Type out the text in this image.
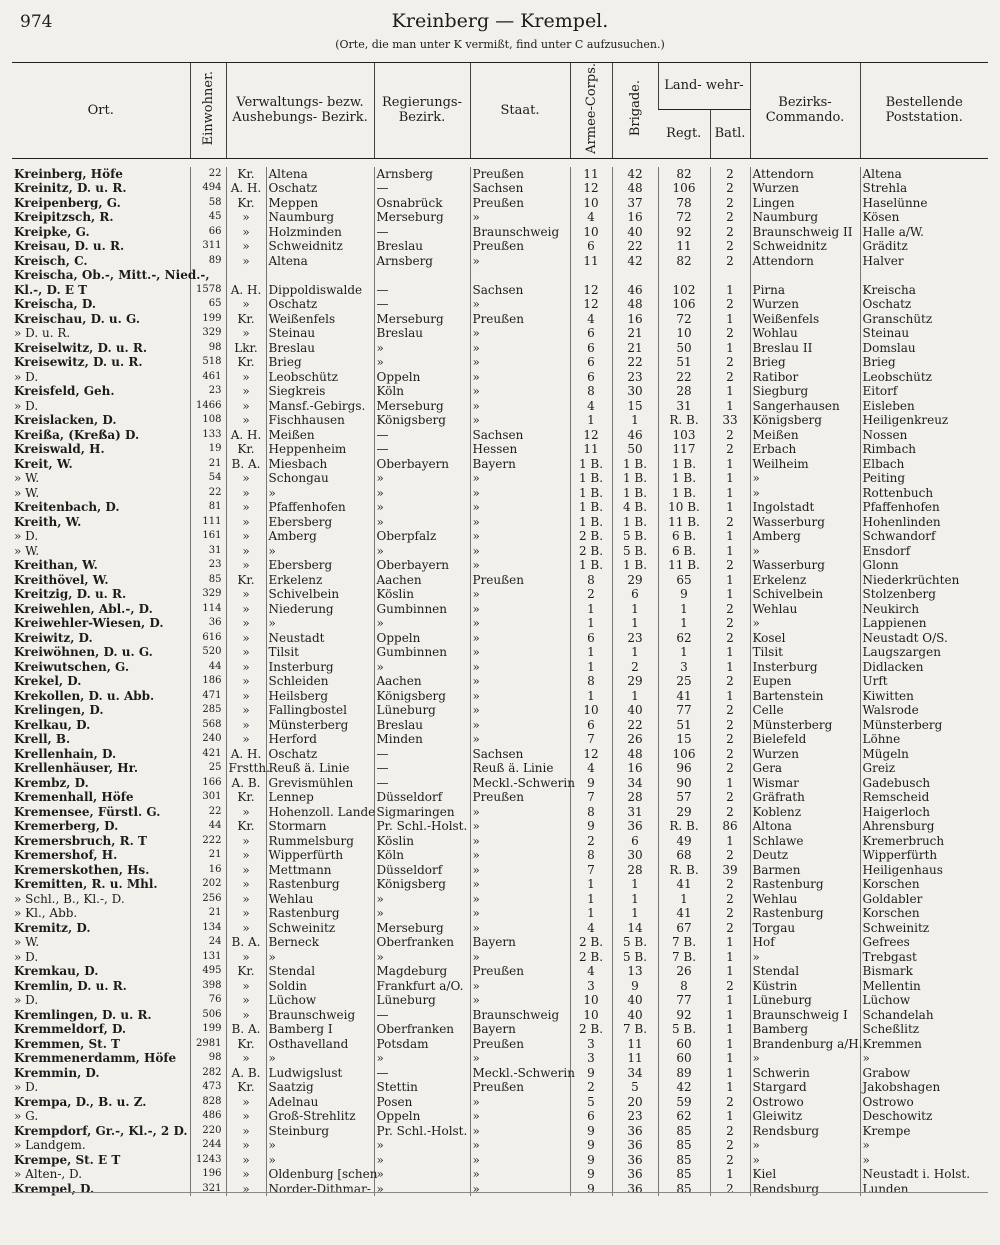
974	Kreinberg — Krempel.
(Orte, die man unter K vermißt, find unter C aufzusuchen.)
Ort.	Einwohner.	Verwaltungs- bezw. Aushebungs- Bezirk.		Regierungs- Bezirk.	Staat.	Armee-Corps.	Brigade.	Land- wehr-		Bezirks- Commando.	Bestellende Poststation.
								Regt.	Batl.		

Kreinberg, Höfe	22	Kr.	Altena	Arnsberg	Preußen	11	42	82	2	Attendorn	Altena
Kreinitz, D. u. R.	494	A. H.	Oschatz	—	Sachsen	12	48	106	2	Wurzen	Strehla
Kreipenberg, G.	58	Kr.	Meppen	Osnabrück	Preußen	10	37	78	2	Lingen	Haselünne
Kreipitzsch, R.	45	»	Naumburg	Merseburg	»	4	16	72	2	Naumburg	Kösen
Kreipke, G.	66	»	Holzminden	—	Braunschweig	10	40	92	2	Braunschweig II	Halle a/W.
Kreisau, D. u. R.	311	»	Schweidnitz	Breslau	Preußen	6	22	11	2	Schweidnitz	Gräditz
Kreisch, C.	89	»	Altena	Arnsberg	»	11	42	82	2	Attendorn	Halver
Kreischa, Ob.-, Mitt.-, Nied.-,											
Kl.-, D. E T	1578	A. H.	Dippoldiswalde	—	Sachsen	12	46	102	1	Pirna	Kreischa
Kreischa, D.	65	»	Oschatz	—	»	12	48	106	2	Wurzen	Oschatz
Kreischau, D. u. G.	199	Kr.	Weißenfels	Merseburg	Preußen	4	16	72	1	Weißenfels	Granschütz
» D. u. R.	329	»	Steinau	Breslau	»	6	21	10	2	Wohlau	Steinau
Kreiselwitz, D. u. R.	98	Lkr.	Breslau	»	»	6	21	50	1	Breslau II	Domslau
Kreisewitz, D. u. R.	518	Kr.	Brieg	»	»	6	22	51	2	Brieg	Brieg
» D.	461	»	Leobschütz	Oppeln	»	6	23	22	2	Ratibor	Leobschütz
Kreisfeld, Geh.	23	»	Siegkreis	Köln	»	8	30	28	1	Siegburg	Eitorf
» D.	1466	»	Mansf.-Gebirgs.	Merseburg	»	4	15	31	1	Sangerhausen	Eisleben
Kreislacken, D.	108	»	Fischhausen	Königsberg	»	1	1	R. B.	33	Königsberg	Heiligenkreuz
Kreißa, (Kreßa) D.	133	A. H.	Meißen	—	Sachsen	12	46	103	2	Meißen	Nossen
Kreiswald, H.	19	Kr.	Heppenheim	—	Hessen	11	50	117	2	Erbach	Rimbach
Kreit, W.	21	B. A.	Miesbach	Oberbayern	Bayern	1 B.	1 B.	1 B.	1	Weilheim	Elbach
» W.	54	»	Schongau	»	»	1 B.	1 B.	1 B.	1	»	Peiting
» W.	22	»	»	»	»	1 B.	1 B.	1 B.	1	»	Rottenbuch
Kreitenbach, D.	81	»	Pfaffenhofen	»	»	1 B.	4 B.	10 B.	1	Ingolstadt	Pfaffenhofen
Kreith, W.	111	»	Ebersberg	»	»	1 B.	1 B.	11 B.	2	Wasserburg	Hohenlinden
» D.	161	»	Amberg	Oberpfalz	»	2 B.	5 B.	6 B.	1	Amberg	Schwandorf
» W.	31	»	»	»	»	2 B.	5 B.	6 B.	1	»	Ensdorf
Kreithan, W.	23	»	Ebersberg	Oberbayern	»	1 B.	1 B.	11 B.	2	Wasserburg	Glonn
Kreithövel, W.	85	Kr.	Erkelenz	Aachen	Preußen	8	29	65	1	Erkelenz	Niederkrüchten
Kreitzig, D. u. R.	329	»	Schivelbein	Köslin	»	2	6	9	1	Schivelbein	Stolzenberg
Kreiwehlen, Abl.-, D.	114	»	Niederung	Gumbinnen	»	1	1	1	2	Wehlau	Neukirch
Kreiwehler-Wiesen, D.	36	»	»	»	»	1	1	1	2	»	Lappienen
Kreiwitz, D.	616	»	Neustadt	Oppeln	»	6	23	62	2	Kosel	Neustadt O/S.
Kreiwöhnen, D. u. G.	520	»	Tilsit	Gumbinnen	»	1	1	1	1	Tilsit	Laugszargen
Kreiwutschen, G.	44	»	Insterburg	»	»	1	2	3	1	Insterburg	Didlacken
Krekel, D.	186	»	Schleiden	Aachen	»	8	29	25	2	Eupen	Urft
Krekollen, D. u. Abb.	471	»	Heilsberg	Königsberg	»	1	1	41	1	Bartenstein	Kiwitten
Krelingen, D.	285	»	Fallingbostel	Lüneburg	»	10	40	77	2	Celle	Walsrode
Krelkau, D.	568	»	Münsterberg	Breslau	»	6	22	51	2	Münsterberg	Münsterberg
Krell, B.	240	»	Herford	Minden	»	7	26	15	2	Bielefeld	Löhne
Krellenhain, D.	421	A. H.	Oschatz	—	Sachsen	12	48	106	2	Wurzen	Mügeln
Krellenhäuser, Hr.	25	Frstth.	Reuß ä. Linie	—	Reuß ä. Linie	4	16	96	2	Gera	Greiz
Krembz, D.	166	A. B.	Grevismühlen	—	Meckl.-Schwerin	9	34	90	1	Wismar	Gadebusch
Kremenhall, Höfe	301	Kr.	Lennep	Düsseldorf	Preußen	7	28	57	2	Gräfrath	Remscheid
Kremensee, Fürstl. G.	22	»	Hohenzoll. Lande	Sigmaringen	»	8	31	29	2	Koblenz	Haigerloch
Kremerberg, D.	44	Kr.	Stormarn	Pr. Schl.-Holst.	»	9	36	R. B.	86	Altona	Ahrensburg
Kremersbruch, R. T	222	»	Rummelsburg	Köslin	»	2	6	49	1	Schlawe	Kremerbruch
Kremershof, H.	21	»	Wipperfürth	Köln	»	8	30	68	2	Deutz	Wipperfürth
Kremerskothen, Hs.	16	»	Mettmann	Düsseldorf	»	7	28	R. B.	39	Barmen	Heiligenhaus
Kremitten, R. u. Mhl.	202	»	Rastenburg	Königsberg	»	1	1	41	2	Rastenburg	Korschen
» Schl., B., Kl.-, D.	256	»	Wehlau	»	»	1	1	1	2	Wehlau	Goldabler
» Kl., Abb.	21	»	Rastenburg	»	»	1	1	41	2	Rastenburg	Korschen
Kremitz, D.	134	»	Schweinitz	Merseburg	»	4	14	67	2	Torgau	Schweinitz
» W.	24	B. A.	Berneck	Oberfranken	Bayern	2 B.	5 B.	7 B.	1	Hof	Gefrees
» D.	131	»	»	»	»	2 B.	5 B.	7 B.	1	»	Trebgast
Kremkau, D.	495	Kr.	Stendal	Magdeburg	Preußen	4	13	26	1	Stendal	Bismark
Kremlin, D. u. R.	398	»	Soldin	Frankfurt a/O.	»	3	9	8	2	Küstrin	Mellentin
» D.	76	»	Lüchow	Lüneburg	»	10	40	77	1	Lüneburg	Lüchow
Kremlingen, D. u. R.	506	»	Braunschweig	—	Braunschweig	10	40	92	1	Braunschweig I	Schandelah
Kremmeldorf, D.	199	B. A.	Bamberg I	Oberfranken	Bayern	2 B.	7 B.	5 B.	1	Bamberg	Scheßlitz
Kremmen, St. T	2981	Kr.	Osthavelland	Potsdam	Preußen	3	11	60	1	Brandenburg a/H.	Kremmen
Kremmenerdamm, Höfe	98	»	»	»	»	3	11	60	1	»	»
Kremmin, D.	282	A. B.	Ludwigslust	—	Meckl.-Schwerin	9	34	89	1	Schwerin	Grabow
» D.	473	Kr.	Saatzig	Stettin	Preußen	2	5	42	1	Stargard	Jakobshagen
Krempa, D., B. u. Z.	828	»	Adelnau	Posen	»	5	20	59	2	Ostrowo	Ostrowo
» G.	486	»	Groß-Strehlitz	Oppeln	»	6	23	62	1	Gleiwitz	Deschowitz
Krempdorf, Gr.-, Kl.-, 2 D.	220	»	Steinburg	Pr. Schl.-Holst.	»	9	36	85	2	Rendsburg	Krempe
» Landgem.	244	»	»	»	»	9	36	85	2	»	»
Krempe, St. E T	1243	»	»	»	»	9	36	85	2	»	»
» Alten-, D.	196	»	Oldenburg [schen	»	»	9	36	85	1	Kiel	Neustadt i. Holst.
Krempel, D.	321	»	Norder-Dithmar-	»	»	9	36	85	2	Rendsburg	Lunden
